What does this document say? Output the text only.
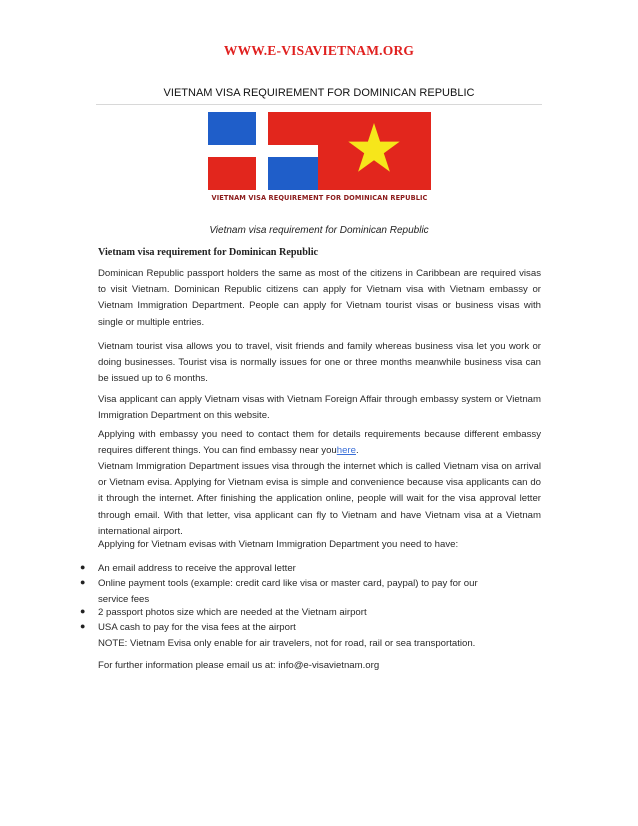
WWW.E-VISAVIETNAM.ORG
VIETNAM VISA REQUIREMENT FOR DOMINICAN REPUBLIC
VIETNAM VISA REQUIREMENT FOR DOMINICAN REPUBLIC
Vietnam visa requirement for Dominican Republic
Vietnam visa requirement for Dominican Republic

Dominican Republic passport holders the same as most of the citizens in Caribbean are required visas to visit Vietnam. Dominican Republic citizens can apply for Vietnam visa with Vietnam embassy or Vietnam Immigration Department. People can apply for Vietnam tourist visas or business visas with single or multiple entries.

Vietnam tourist visa allows you to travel, visit friends and family whereas business visa let you work or doing businesses. Tourist visa is normally issues for one or three months meanwhile business visa can be issued up to 6 months.

Visa applicant can apply Vietnam visas with Vietnam Foreign Affair through embassy system or Vietnam Immigration Department on this website.

Applying with embassy you need to contact them for details requirements because different embassy requires different things. You can find embassy near youhere.

Vietnam Immigration Department issues visa through the internet which is called Vietnam visa on arrival or Vietnam evisa. Applying for Vietnam evisa is simple and convenience because visa applicants can do it through the internet. After finishing the application online, people will wait for the visa approval letter through email. With that letter, visa applicant can fly to Vietnam and have Vietnam visa at a Vietnam international airport.

Applying for Vietnam evisas with Vietnam Immigration Department you need to have:

● An email address to receive the approval letter
● Online payment tools (example: credit card like visa or master card, paypal) to pay for our
service fees
● 2 passport photos size which are needed at the Vietnam airport
● USA cash to pay for the visa fees at the airport
NOTE: Vietnam Evisa only enable for air travelers, not for road, rail or sea transportation.
For further information please email us at: info@e-visavietnam.org
